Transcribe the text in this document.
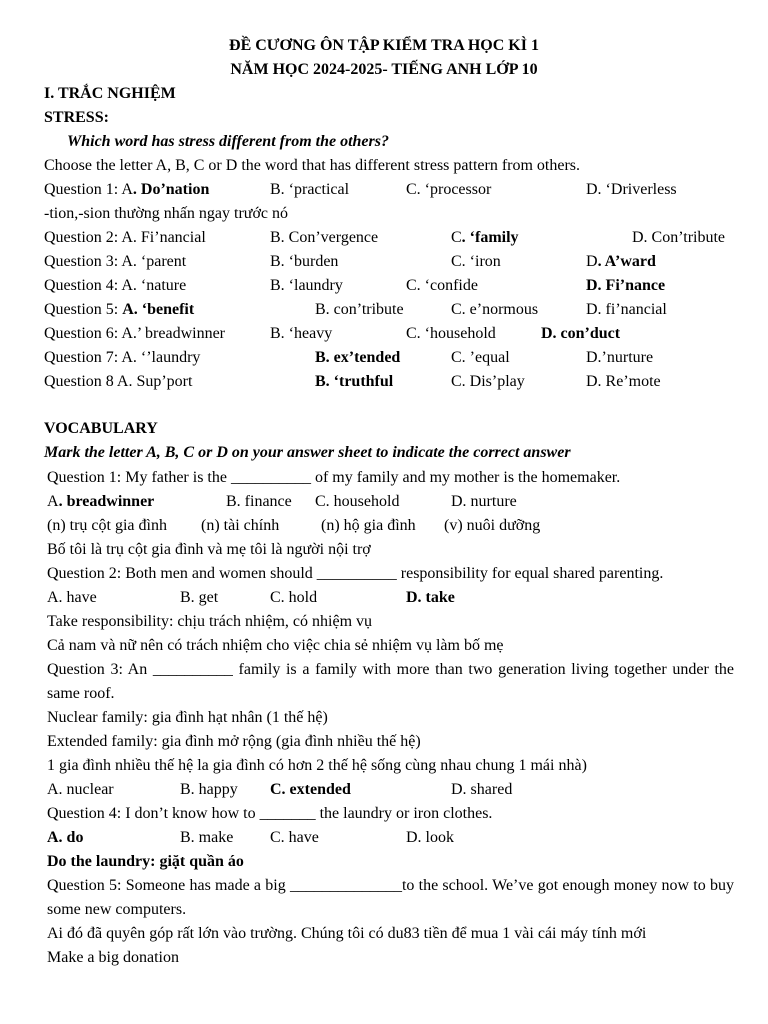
ĐỀ CƯƠNG ÔN TẬP KIỂM TRA HỌC KÌ 1
NĂM HỌC 2024-2025- TIẾNG ANH LỚP 10
I. TRẮC NGHIỆM
STRESS:
Which word has stress different from the others?
Choose the letter A, B, C or D the word that has different stress pattern from others.
Question 1: A. Do’nation	B. ‘practical	C. ‘processor	D. ‘Driverless
-tion,-sion thường nhấn ngay trước nó
Question 2: A. Fi’nancial	B. Con’vergence	C. ‘family	D. Con’tribute
Question 3: A. ‘parent	B. ‘burden	C. ‘iron	D. A’ward
Question 4: A. ‘nature	B. ‘laundry	C. ‘confide	D. Fi’nance
Question 5: A. ‘benefit	B. con’tribute	C. e’normous	D. fi’nancial
Question 6: A.’ breadwinner	B. ‘heavy	C. ‘household	D. con’duct
Question 7: A. ‘’laundry	B. ex’tended	C. ’equal	D.’nurture
Question 8 A. Sup’port	B. ‘truthful	C. Dis’play	D. Re’mote
VOCABULARY
Mark the letter A, B, C or D on your answer sheet to indicate the correct answer
Question 1: My father is the __________ of my family and my mother is the homemaker.
A. breadwinner	B. finance C. household	D. nurture
(n) trụ cột gia đình (n) tài chính	(n) hộ gia đình (v) nuôi dưỡng
Bố tôi là trụ cột gia đình và mẹ tôi là người nội trợ
Question 2: Both men and women should __________ responsibility for equal shared parenting.
A. have	B. get	C. hold	D. take
Take responsibility: chịu trách nhiệm, có nhiệm vụ
Cả nam và nữ nên có trách nhiệm cho việc chia sẻ nhiệm vụ làm bố mẹ
Question 3: An __________ family is a family with more than two generation living together under the same roof.
Nuclear family: gia đình hạt nhân (1 thế hệ)
Extended family: gia đình mở rộng (gia đình nhiều thế hệ)
1 gia đình nhiều thế hệ la gia đình có hơn 2 thế hệ sống cùng nhau chung 1 mái nhà)
A. nuclear	B. happy C. extended	D. shared
Question 4: I don’t know how to _______ the laundry or iron clothes.
A. do	B. make C. have	D. look
Do the laundry: giặt quần áo
Question 5: Someone has made a big ______________to the school. We’ve got enough money now to buy some new computers.
Ai đó đã quyên góp rất lớn vào trường. Chúng tôi có du83 tiền để mua 1 vài cái máy tính mới
Make a big donation
